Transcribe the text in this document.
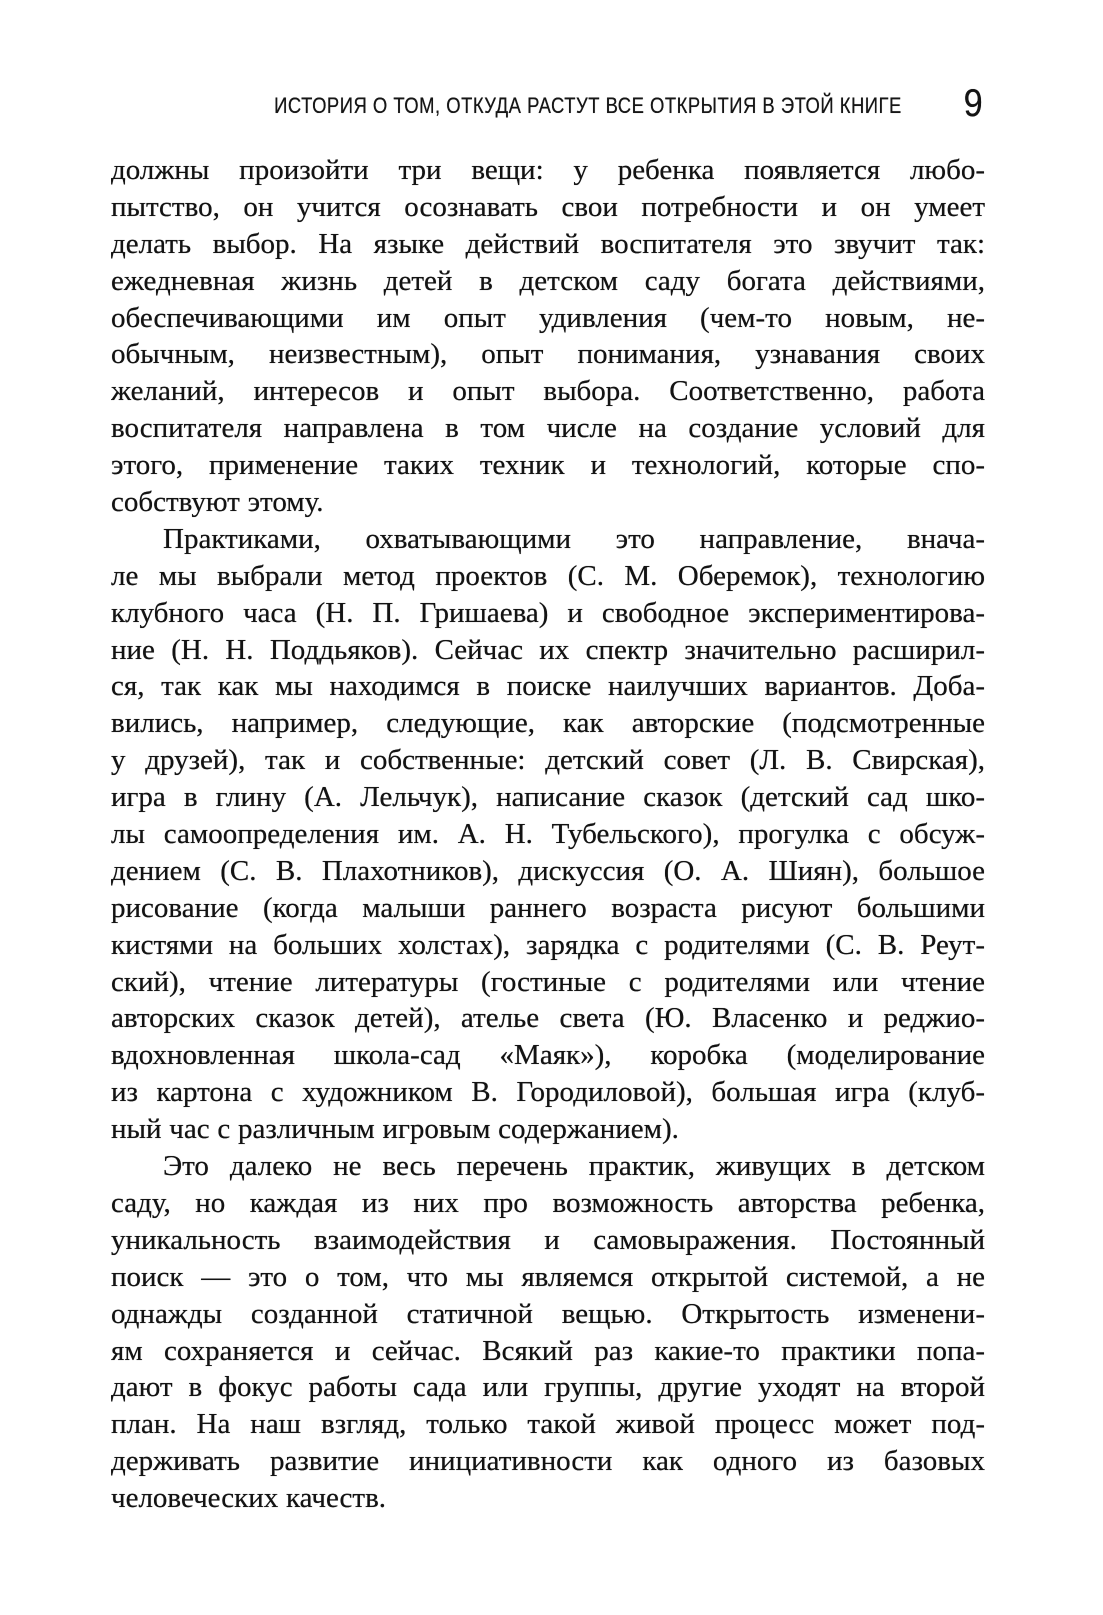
ИСТОРИЯ О ТОМ, ОТКУДА РАСТУТ ВСЕ ОТКРЫТИЯ В ЭТОЙ КНИГЕ 9
должны произойти три вещи: у ребенка появляется любо-
пытство, он учится осознавать свои потребности и он умеет
делать выбор. На языке действий воспитателя это звучит так:
ежедневная жизнь детей в детском саду богата действиями,
обеспечивающими им опыт удивления (чем-то новым, не-
обычным, неизвестным), опыт понимания, узнавания своих
желаний, интересов и опыт выбора. Соответственно, работа
воспитателя направлена в том числе на создание условий для
этого, применение таких техник и технологий, которые спо-
собствуют этому.
Практиками, охватывающими это направление, внача-
ле мы выбрали метод проектов (С. М. Оберемок), технологию
клубного часа (Н. П. Гришаева) и свободное экспериментирова-
ние (Н. Н. Поддьяков). Сейчас их спектр значительно расширил-
ся, так как мы находимся в поиске наилучших вариантов. Доба-
вились, например, следующие, как авторские (подсмотренные
у друзей), так и собственные: детский совет (Л. В. Свирская),
игра в глину (А. Лельчук), написание сказок (детский сад шко-
лы самоопределения им. А. Н. Тубельского), прогулка с обсуж-
дением (С. В. Плахотников), дискуссия (О. А. Шиян), большое
рисование (когда малыши раннего возраста рисуют большими
кистями на больших холстах), зарядка с родителями (С. В. Реут-
ский), чтение литературы (гостиные с родителями или чтение
авторских сказок детей), ателье света (Ю. Власенко и реджио-
вдохновленная школа-сад «Маяк»), коробка (моделирование
из картона с художником В. Городиловой), большая игра (клуб-
ный час с различным игровым содержанием).
Это далеко не весь перечень практик, живущих в детском
саду, но каждая из них про возможность авторства ребенка,
уникальность взаимодействия и самовыражения. Постоянный
поиск — это о том, что мы являемся открытой системой, а не
однажды созданной статичной вещью. Открытость изменени-
ям сохраняется и сейчас. Всякий раз какие-то практики попа-
дают в фокус работы сада или группы, другие уходят на второй
план. На наш взгляд, только такой живой процесс может под-
держивать развитие инициативности как одного из базовых
человеческих качеств.
